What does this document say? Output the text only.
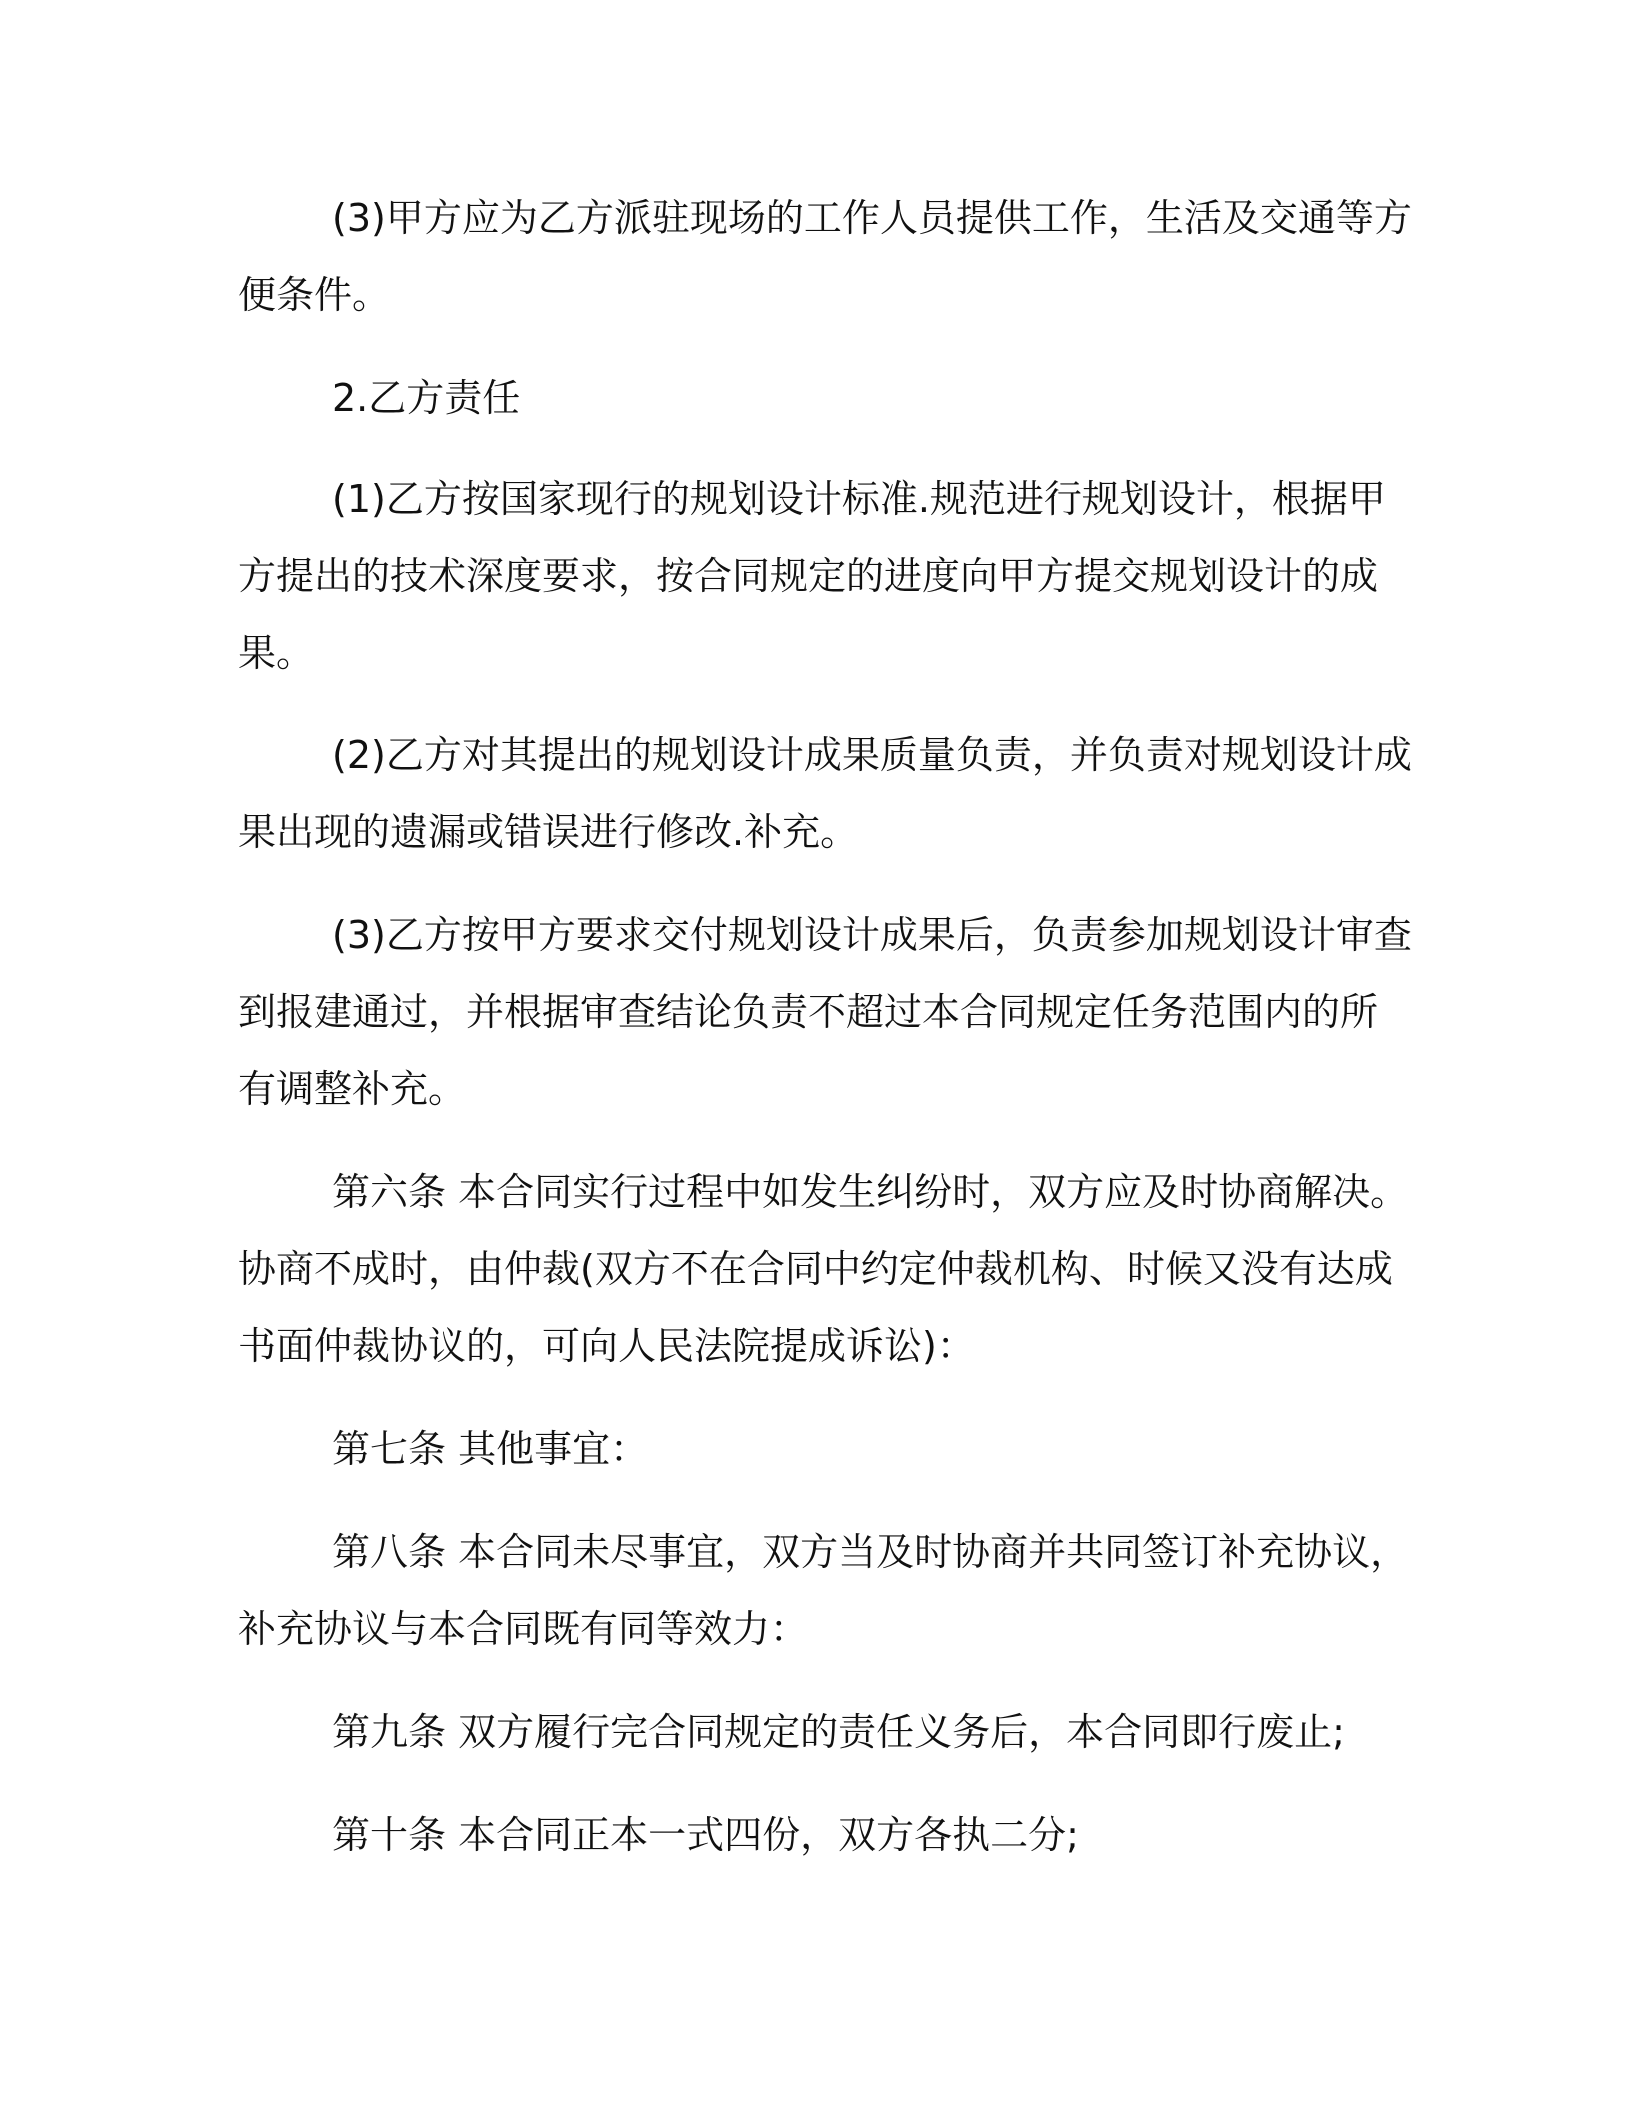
(3)甲方应为乙方派驻现场的工作人员提供工作，生活及交通等方
便条件。
2.乙方责任
(1)乙方按国家现行的规划设计标准.规范进行规划设计，根据甲
方提出的技术深度要求，按合同规定的进度向甲方提交规划设计的成
果。
(2)乙方对其提出的规划设计成果质量负责，并负责对规划设计成
果出现的遗漏或错误进行修改.补充。
(3)乙方按甲方要求交付规划设计成果后，负责参加规划设计审查
到报建通过，并根据审查结论负责不超过本合同规定任务范围内的所
有调整补充。
第六条 本合同实行过程中如发生纠纷时，双方应及时协商解决。
协商不成时，由仲裁(双方不在合同中约定仲裁机构、时候又没有达成
书面仲裁协议的，可向人民法院提成诉讼)：
第七条 其他事宜：
第八条 本合同未尽事宜，双方当及时协商并共同签订补充协议，
补充协议与本合同既有同等效力：
第九条 双方履行完合同规定的责任义务后，本合同即行废止;
第十条 本合同正本一式四份，双方各执二分;
